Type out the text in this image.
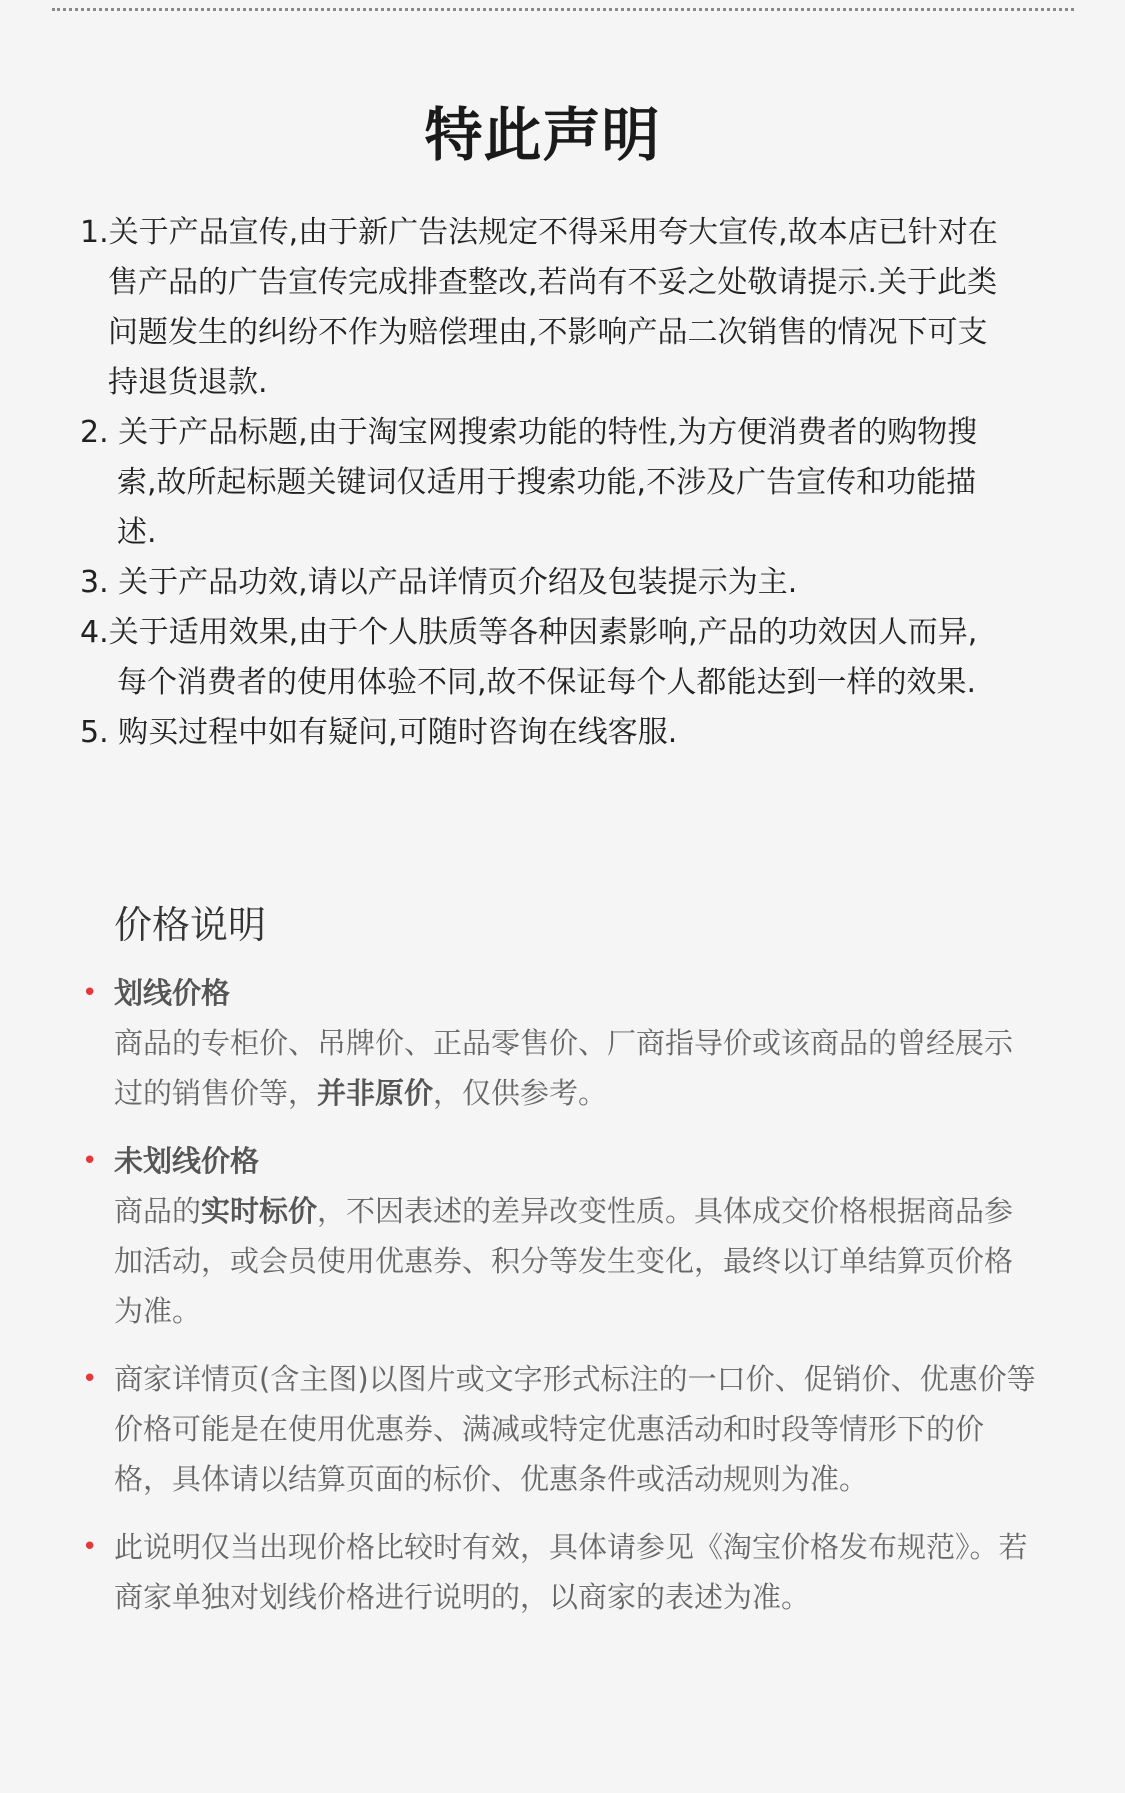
特此声明
1.关于产品宣传,由于新广告法规定不得采用夸大宣传,故本店已针对在售产品的广告宣传完成排查整改,若尚有不妥之处敬请提示.关于此类问题发生的纠纷不作为赔偿理由,不影响产品二次销售的情况下可支持退货退款.
2. 关于产品标题,由于淘宝网搜索功能的特性,为方便消费者的购物搜索,故所起标题关键词仅适用于搜索功能,不涉及广告宣传和功能描述.
3. 关于产品功效,请以产品详情页介绍及包装提示为主.
4.关于适用效果,由于个人肤质等各种因素影响,产品的功效因人而异,每个消费者的使用体验不同,故不保证每个人都能达到一样的效果.
5. 购买过程中如有疑问,可随时咨询在线客服.
价格说明
• 划线价格
商品的专柜价、吊牌价、正品零售价、厂商指导价或该商品的曾经展示过的销售价等，并非原价，仅供参考。
• 未划线价格
商品的实时标价，不因表述的差异改变性质。具体成交价格根据商品参加活动，或会员使用优惠券、积分等发生变化，最终以订单结算页价格为准。
• 商家详情页(含主图)以图片或文字形式标注的一口价、促销价、优惠价等价格可能是在使用优惠券、满减或特定优惠活动和时段等情形下的价格，具体请以结算页面的标价、优惠条件或活动规则为准。
• 此说明仅当出现价格比较时有效，具体请参见《淘宝价格发布规范》。若商家单独对划线价格进行说明的，以商家的表述为准。
